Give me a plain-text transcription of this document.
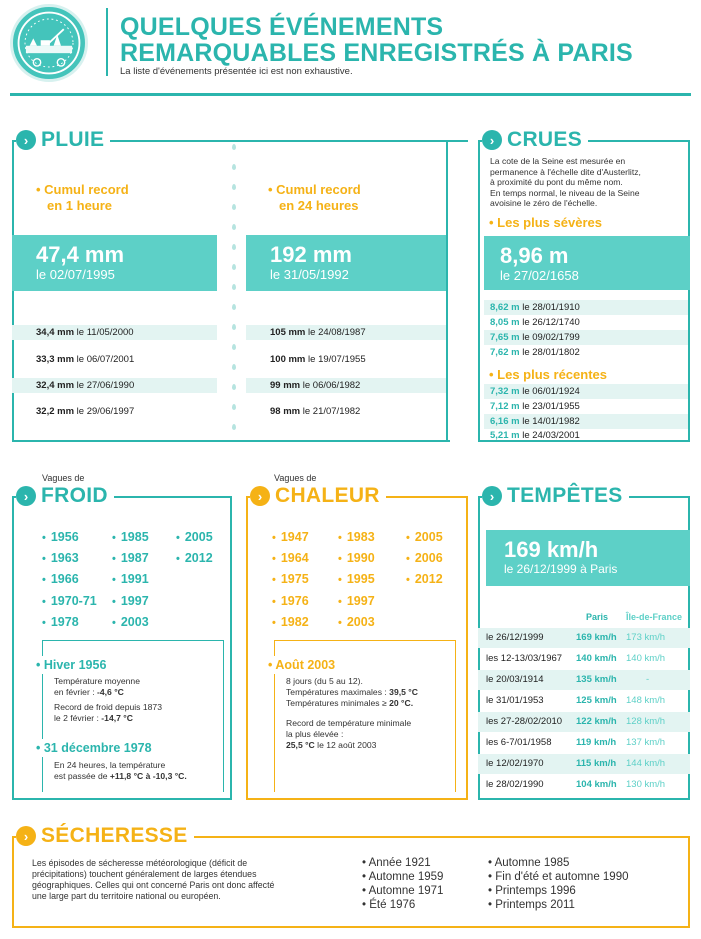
QUELQUES ÉVÉNEMENTS
REMARQUABLES ENREGISTRÉS À PARIS
La liste d'événements présentée ici est non exhaustive.
› PLUIE
• Cumul record
en 1 heure
47,4 mm
le 02/07/1995
34,4 mm le 11/05/2000
33,3 mm le 06/07/2001
32,4 mm le 27/06/1990
32,2 mm le 29/06/1997
• Cumul record
en 24 heures
192 mm
le 31/05/1992
105 mm le 24/08/1987
100 mm le 19/07/1955
99 mm le 06/06/1982
98 mm le 21/07/1982
› CRUES
La cote de la Seine est mesurée en
permanence à l'échelle dite d'Austerlitz,
à proximité du pont du même nom.
En temps normal, le niveau de la Seine
avoisine le zéro de l'échelle.
• Les plus sévères
8,96 m
le 27/02/1658
8,62 m le 28/01/1910
8,05 m le 26/12/1740
7,65 m le 09/02/1799
7,62 m le 28/01/1802
• Les plus récentes
7,32 m le 06/01/1924
7,12 m le 23/01/1955
6,16 m le 14/01/1982
5,21 m le 24/03/2001
Vagues de
› FROID
• 1956
• 1963
• 1966
• 1970-71
• 1978
• 1985
• 1987
• 1991
• 1997
• 2003
• 2005
• 2012
• Hiver 1956
Température moyenne
en février : -4,6 °C
Record de froid depuis 1873
le 2 février : -14,7 °C
• 31 décembre 1978
En 24 heures, la température
est passée de +11,8 °C à -10,3 °C.
Vagues de
› CHALEUR
• 1947
• 1964
• 1975
• 1976
• 1982
• 1983
• 1990
• 1995
• 1997
• 2003
• 2005
• 2006
• 2012
• Août 2003
8 jours (du 5 au 12).
Températures maximales : 39,5 °C
Températures minimales ≥ 20 °C.
Record de température minimale
la plus élevée :
25,5 °C le 12 août 2003
› TEMPÊTES
169 km/h
le 26/12/1999 à Paris
Paris Île-de-France
le 26/12/1999	169 km/h 173 km/h
les 12-13/03/1967 140 km/h 140 km/h
le 20/03/1914	135 km/h	-
le 31/01/1953	125 km/h 148 km/h
les 27-28/02/2010 122 km/h 128 km/h
les 6-7/01/1958	119 km/h 137 km/h
le 12/02/1970	115 km/h 144 km/h
le 28/02/1990	104 km/h 130 km/h
› SÉCHERESSE
Les épisodes de sécheresse météorologique (déficit de
précipitations) touchent généralement de larges étendues
géographiques. Celles qui ont concerné Paris ont donc affecté
une large part du territoire national ou européen.
• Année 1921
• Automne 1959
• Automne 1971
• Été 1976
• Automne 1985
• Fin d'été et automne 1990
• Printemps 1996
• Printemps 2011
